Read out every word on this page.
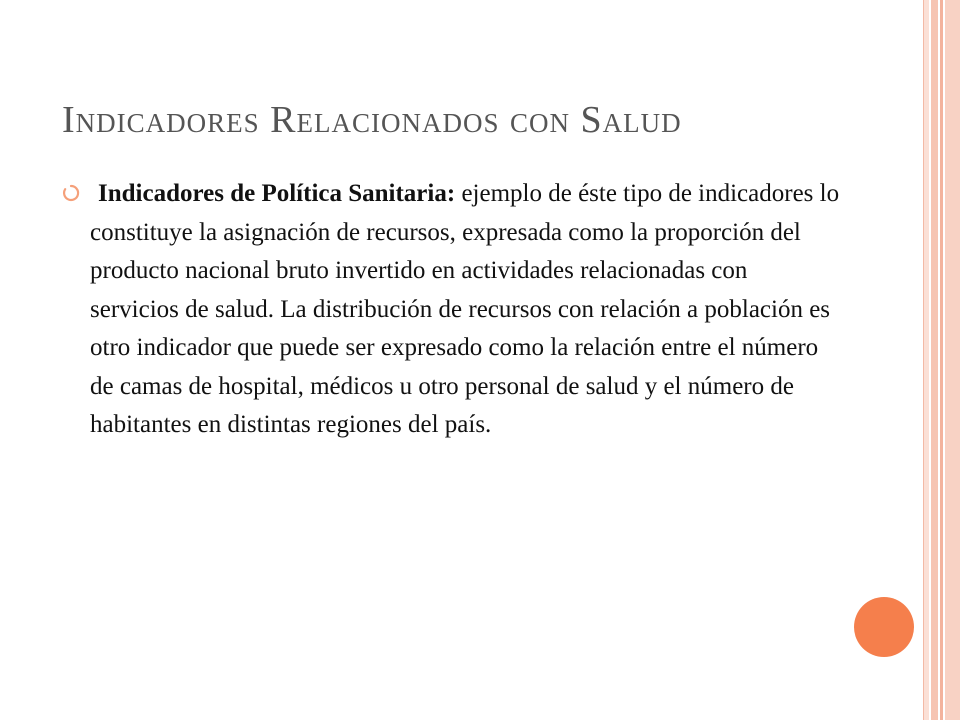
Indicadores Relacionados con Salud

Indicadores de Política Sanitaria: ejemplo de éste tipo de indicadores lo constituye la asignación de recursos, expresada como la proporción del producto nacional bruto invertido en actividades relacionadas con servicios de salud. La distribución de recursos con relación a población es otro indicador que puede ser expresado como la relación entre el número de camas de hospital, médicos u otro personal de salud y el número de habitantes en distintas regiones del país.
